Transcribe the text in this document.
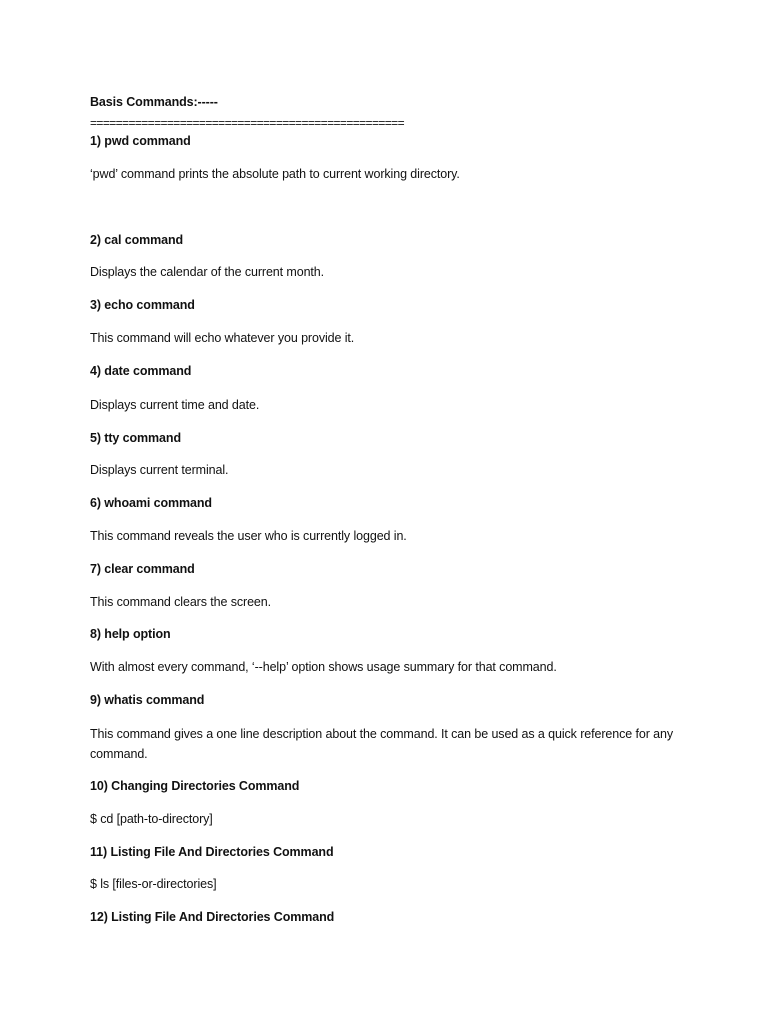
Basis Commands:-----
=================================================
1) pwd command
‘pwd’ command prints the absolute path to current working directory.
2) cal command
Displays the calendar of the current month.
3) echo command
This command will echo whatever you provide it.
4) date command
Displays current time and date.
5) tty command
Displays current terminal.
6) whoami command
This command reveals the user who is currently logged in.
7) clear command
This command clears the screen.
8) help option
With almost every command, ‘--help’ option shows usage summary for that command.
9) whatis command
This command gives a one line description about the command. It can be used as a quick reference for any command.
10) Changing Directories Command
$ cd [path-to-directory]
11) Listing File And Directories Command
$ ls [files-or-directories]
12) Listing File And Directories Command
